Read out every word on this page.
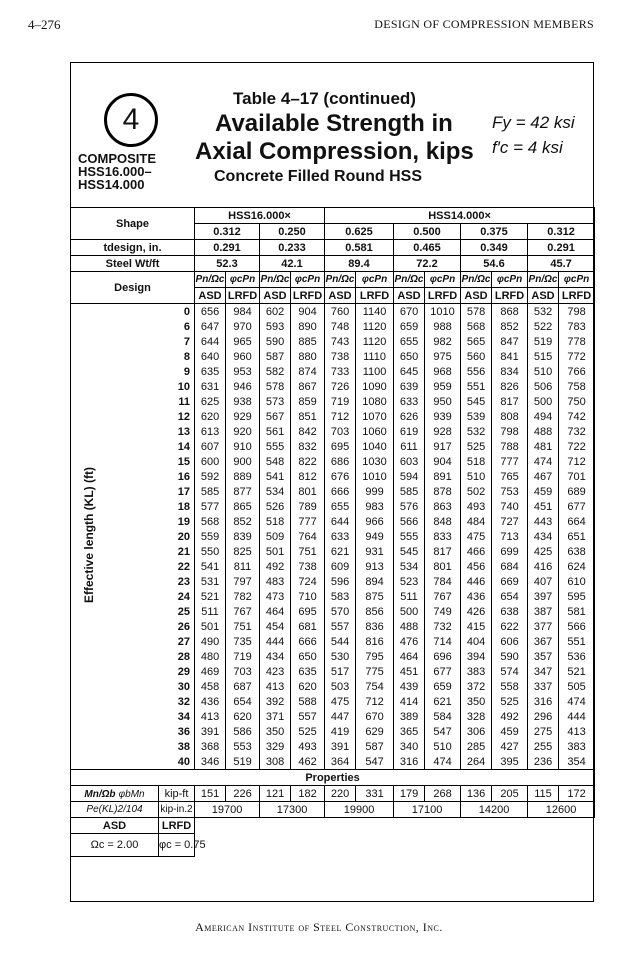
4–276	DESIGN OF COMPRESSION MEMBERS
4
COMPOSITE
HSS16.000–
HSS14.000
Table 4–17 (continued)
Available Strength in
Axial Compression, kips
Concrete Filled Round HSS
Fy = 42 ksi
f′c = 4 ksi
Shape		HSS16.000×				HSS14.000×							
		0.312		0.250		0.625		0.500		0.375		0.312	
tdesign, in.		0.291		0.233		0.581		0.465		0.349		0.291	
Steel Wt/ft		52.3		42.1		89.4		72.2		54.6		45.7	
Design		Pn/Ωc	φcPn	Pn/Ωc	φcPn	Pn/Ωc	φcPn	Pn/Ωc	φcPn	Pn/Ωc	φcPn	Pn/Ωc	φcPn
		ASD	LRFD	ASD	LRFD	ASD	LRFD	ASD	LRFD	ASD	LRFD	ASD	LRFD
	0	656	984	602	904	760	1140	670	1010	578	868	532	798
	6	647	970	593	890	748	1120	659	988	568	852	522	783
	7	644	965	590	885	743	1120	655	982	565	847	519	778
	8	640	960	587	880	738	1110	650	975	560	841	515	772
	9	635	953	582	874	733	1100	645	968	556	834	510	766
	10	631	946	578	867	726	1090	639	959	551	826	506	758
	11	625	938	573	859	719	1080	633	950	545	817	500	750
	12	620	929	567	851	712	1070	626	939	539	808	494	742
	13	613	920	561	842	703	1060	619	928	532	798	488	732
	14	607	910	555	832	695	1040	611	917	525	788	481	722
	15	600	900	548	822	686	1030	603	904	518	777	474	712
	16	592	889	541	812	676	1010	594	891	510	765	467	701
	17	585	877	534	801	666	999	585	878	502	753	459	689
	18	577	865	526	789	655	983	576	863	493	740	451	677
	19	568	852	518	777	644	966	566	848	484	727	443	664
	20	559	839	509	764	633	949	555	833	475	713	434	651
	21	550	825	501	751	621	931	545	817	466	699	425	638
	22	541	811	492	738	609	913	534	801	456	684	416	624
	23	531	797	483	724	596	894	523	784	446	669	407	610
	24	521	782	473	710	583	875	511	767	436	654	397	595
	25	511	767	464	695	570	856	500	749	426	638	387	581
	26	501	751	454	681	557	836	488	732	415	622	377	566
	27	490	735	444	666	544	816	476	714	404	606	367	551
	28	480	719	434	650	530	795	464	696	394	590	357	536
	29	469	703	423	635	517	775	451	677	383	574	347	521
	30	458	687	413	620	503	754	439	659	372	558	337	505
	32	436	654	392	588	475	712	414	621	350	525	316	474
	34	413	620	371	557	447	670	389	584	328	492	296	444
	36	391	586	350	525	419	629	365	547	306	459	275	413
	38	368	553	329	493	391	587	340	510	285	427	255	383
	40	346	519	308	462	364	547	316	474	264	395	236	354
Properties													
Mn/Ωb φbMn	kip-ft	151	226	121	182	220	331	179	268	136	205	115	172
Pe(KL)2/104	kip-in.2	19700		17300		19900		17100		14200		12600	
ASD	LRFD												
Ωc = 2.00	φc = 0.75												
Effective length (KL) (ft)
American Institute of Steel Construction, Inc.
